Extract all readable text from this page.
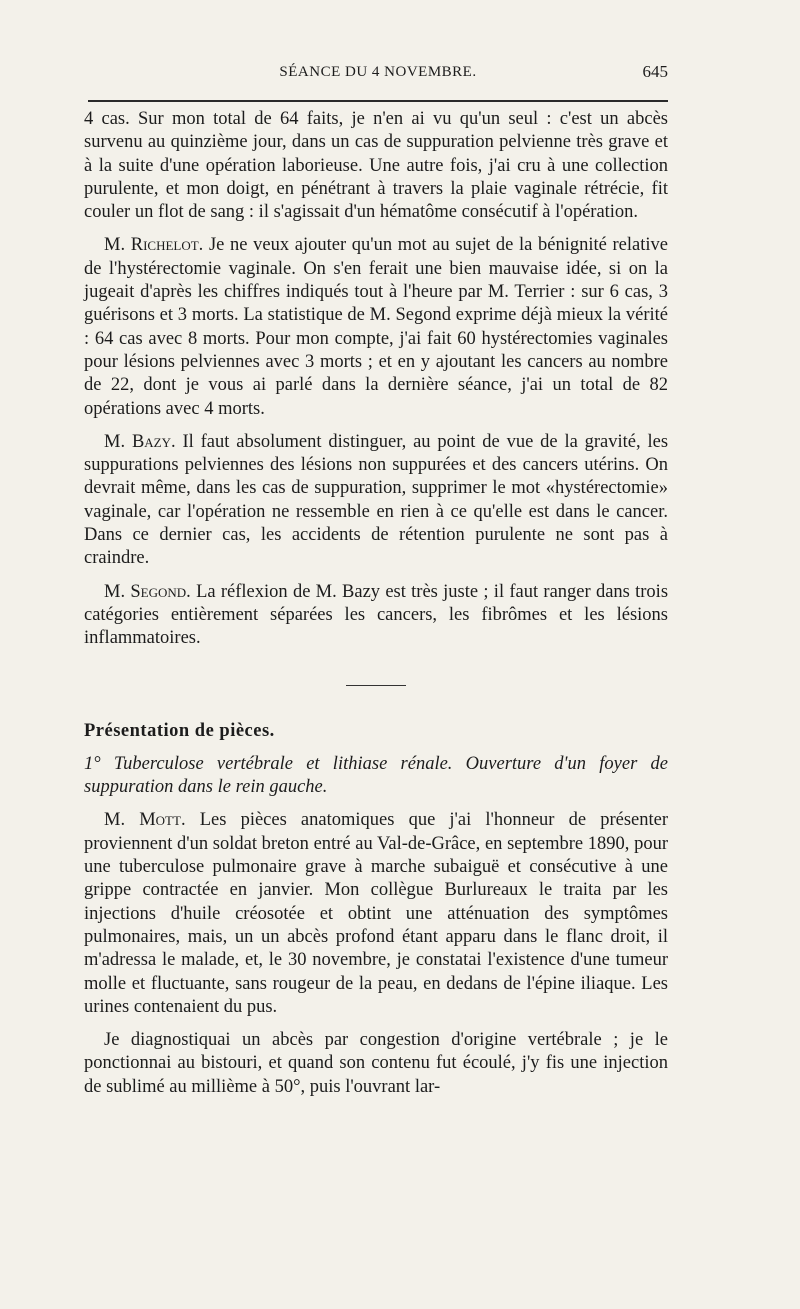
SÉANCE DU 4 NOVEMBRE.	645

4 cas. Sur mon total de 64 faits, je n'en ai vu qu'un seul : c'est un abcès survenu au quinzième jour, dans un cas de suppuration pelvienne très grave et à la suite d'une opération laborieuse. Une autre fois, j'ai cru à une collection purulente, et mon doigt, en pénétrant à travers la plaie vaginale rétrécie, fit couler un flot de sang : il s'agissait d'un hématôme consécutif à l'opération.

M. Richelot. Je ne veux ajouter qu'un mot au sujet de la bénignité relative de l'hystérectomie vaginale. On s'en ferait une bien mauvaise idée, si on la jugeait d'après les chiffres indiqués tout à l'heure par M. Terrier : sur 6 cas, 3 guérisons et 3 morts. La statistique de M. Segond exprime déjà mieux la vérité : 64 cas avec 8 morts. Pour mon compte, j'ai fait 60 hystérectomies vaginales pour lésions pelviennes avec 3 morts ; et en y ajoutant les cancers au nombre de 22, dont je vous ai parlé dans la dernière séance, j'ai un total de 82 opérations avec 4 morts.

M. Bazy. Il faut absolument distinguer, au point de vue de la gravité, les suppurations pelviennes des lésions non suppurées et des cancers utérins. On devrait même, dans les cas de suppuration, supprimer le mot «hystérectomie» vaginale, car l'opération ne ressemble en rien à ce qu'elle est dans le cancer. Dans ce dernier cas, les accidents de rétention purulente ne sont pas à craindre.

M. Segond. La réflexion de M. Bazy est très juste ; il faut ranger dans trois catégories entièrement séparées les cancers, les fibrômes et les lésions inflammatoires.

Présentation de pièces.

1° Tuberculose vertébrale et lithiase rénale. Ouverture d'un foyer de suppuration dans le rein gauche.

M. Mott. Les pièces anatomiques que j'ai l'honneur de présenter proviennent d'un soldat breton entré au Val-de-Grâce, en septembre 1890, pour une tuberculose pulmonaire grave à marche subaiguë et consécutive à une grippe contractée en janvier. Mon collègue Burlureaux le traita par les injections d'huile créosotée et obtint une atténuation des symptômes pulmonaires, mais, un un abcès profond étant apparu dans le flanc droit, il m'adressa le malade, et, le 30 novembre, je constatai l'existence d'une tumeur molle et fluctuante, sans rougeur de la peau, en dedans de l'épine iliaque. Les urines contenaient du pus.

Je diagnostiquai un abcès par congestion d'origine vertébrale ; je le ponctionnai au bistouri, et quand son contenu fut écoulé, j'y fis une injection de sublimé au millième à 50°, puis l'ouvrant lar-
